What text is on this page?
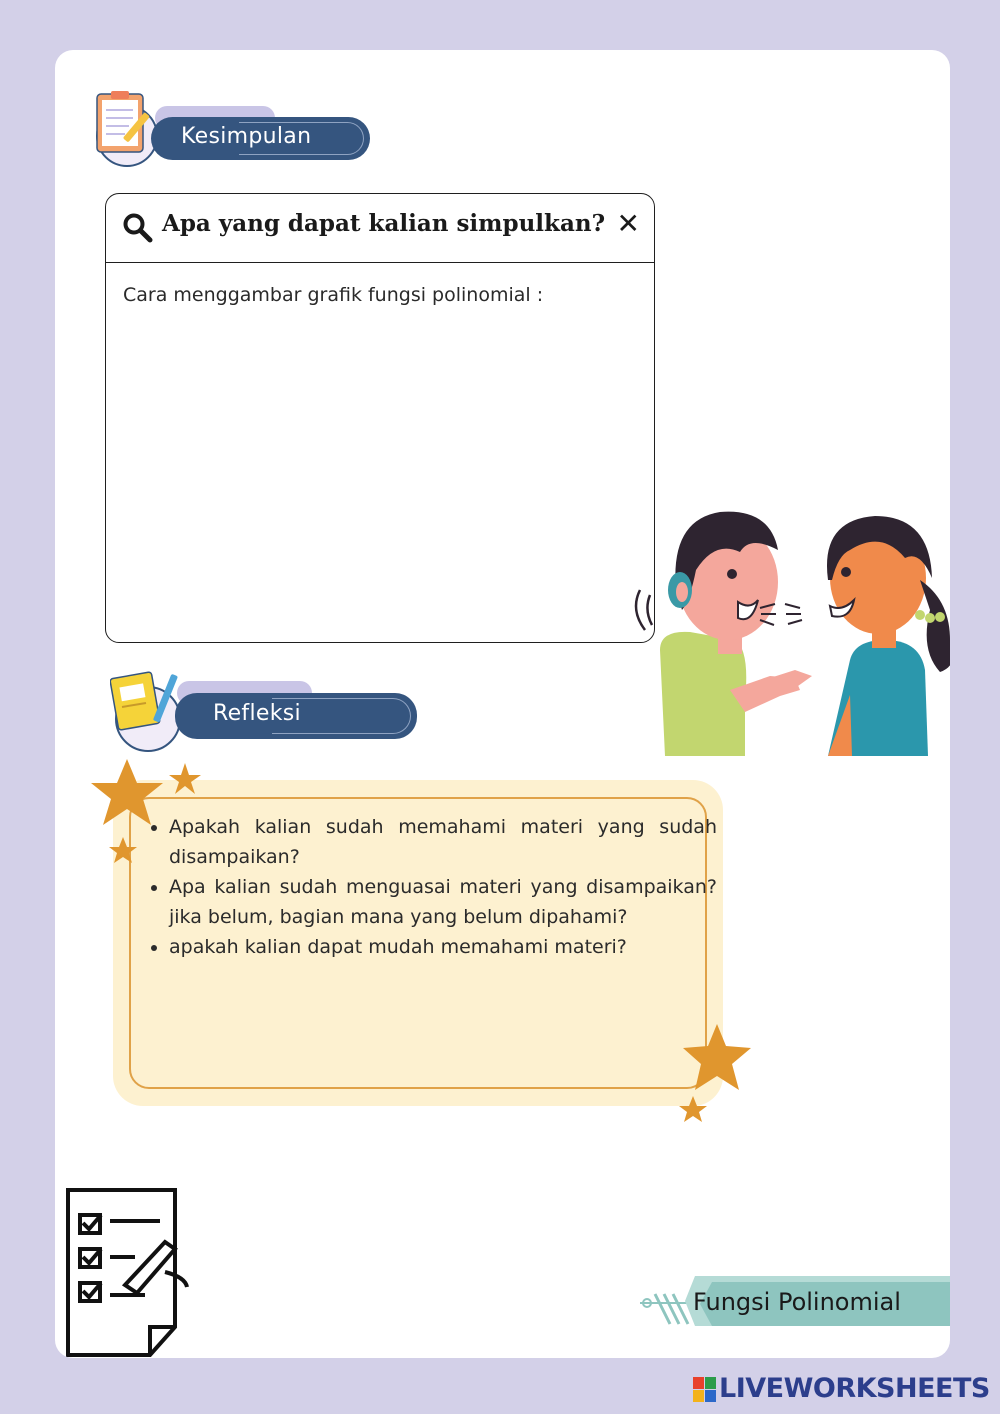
Kesimpulan
Apa yang dapat kalian simpulkan? ✕
Cara menggambar grafik fungsi polinomial :
Refleksi
• Apakah kalian sudah memahami materi yang sudah disampaikan?
• Apa kalian sudah menguasai materi yang disampaikan? jika belum, bagian mana yang belum dipahami?
• apakah kalian dapat mudah memahami materi?
Fungsi Polinomial
LIVEWORKSHEETS
